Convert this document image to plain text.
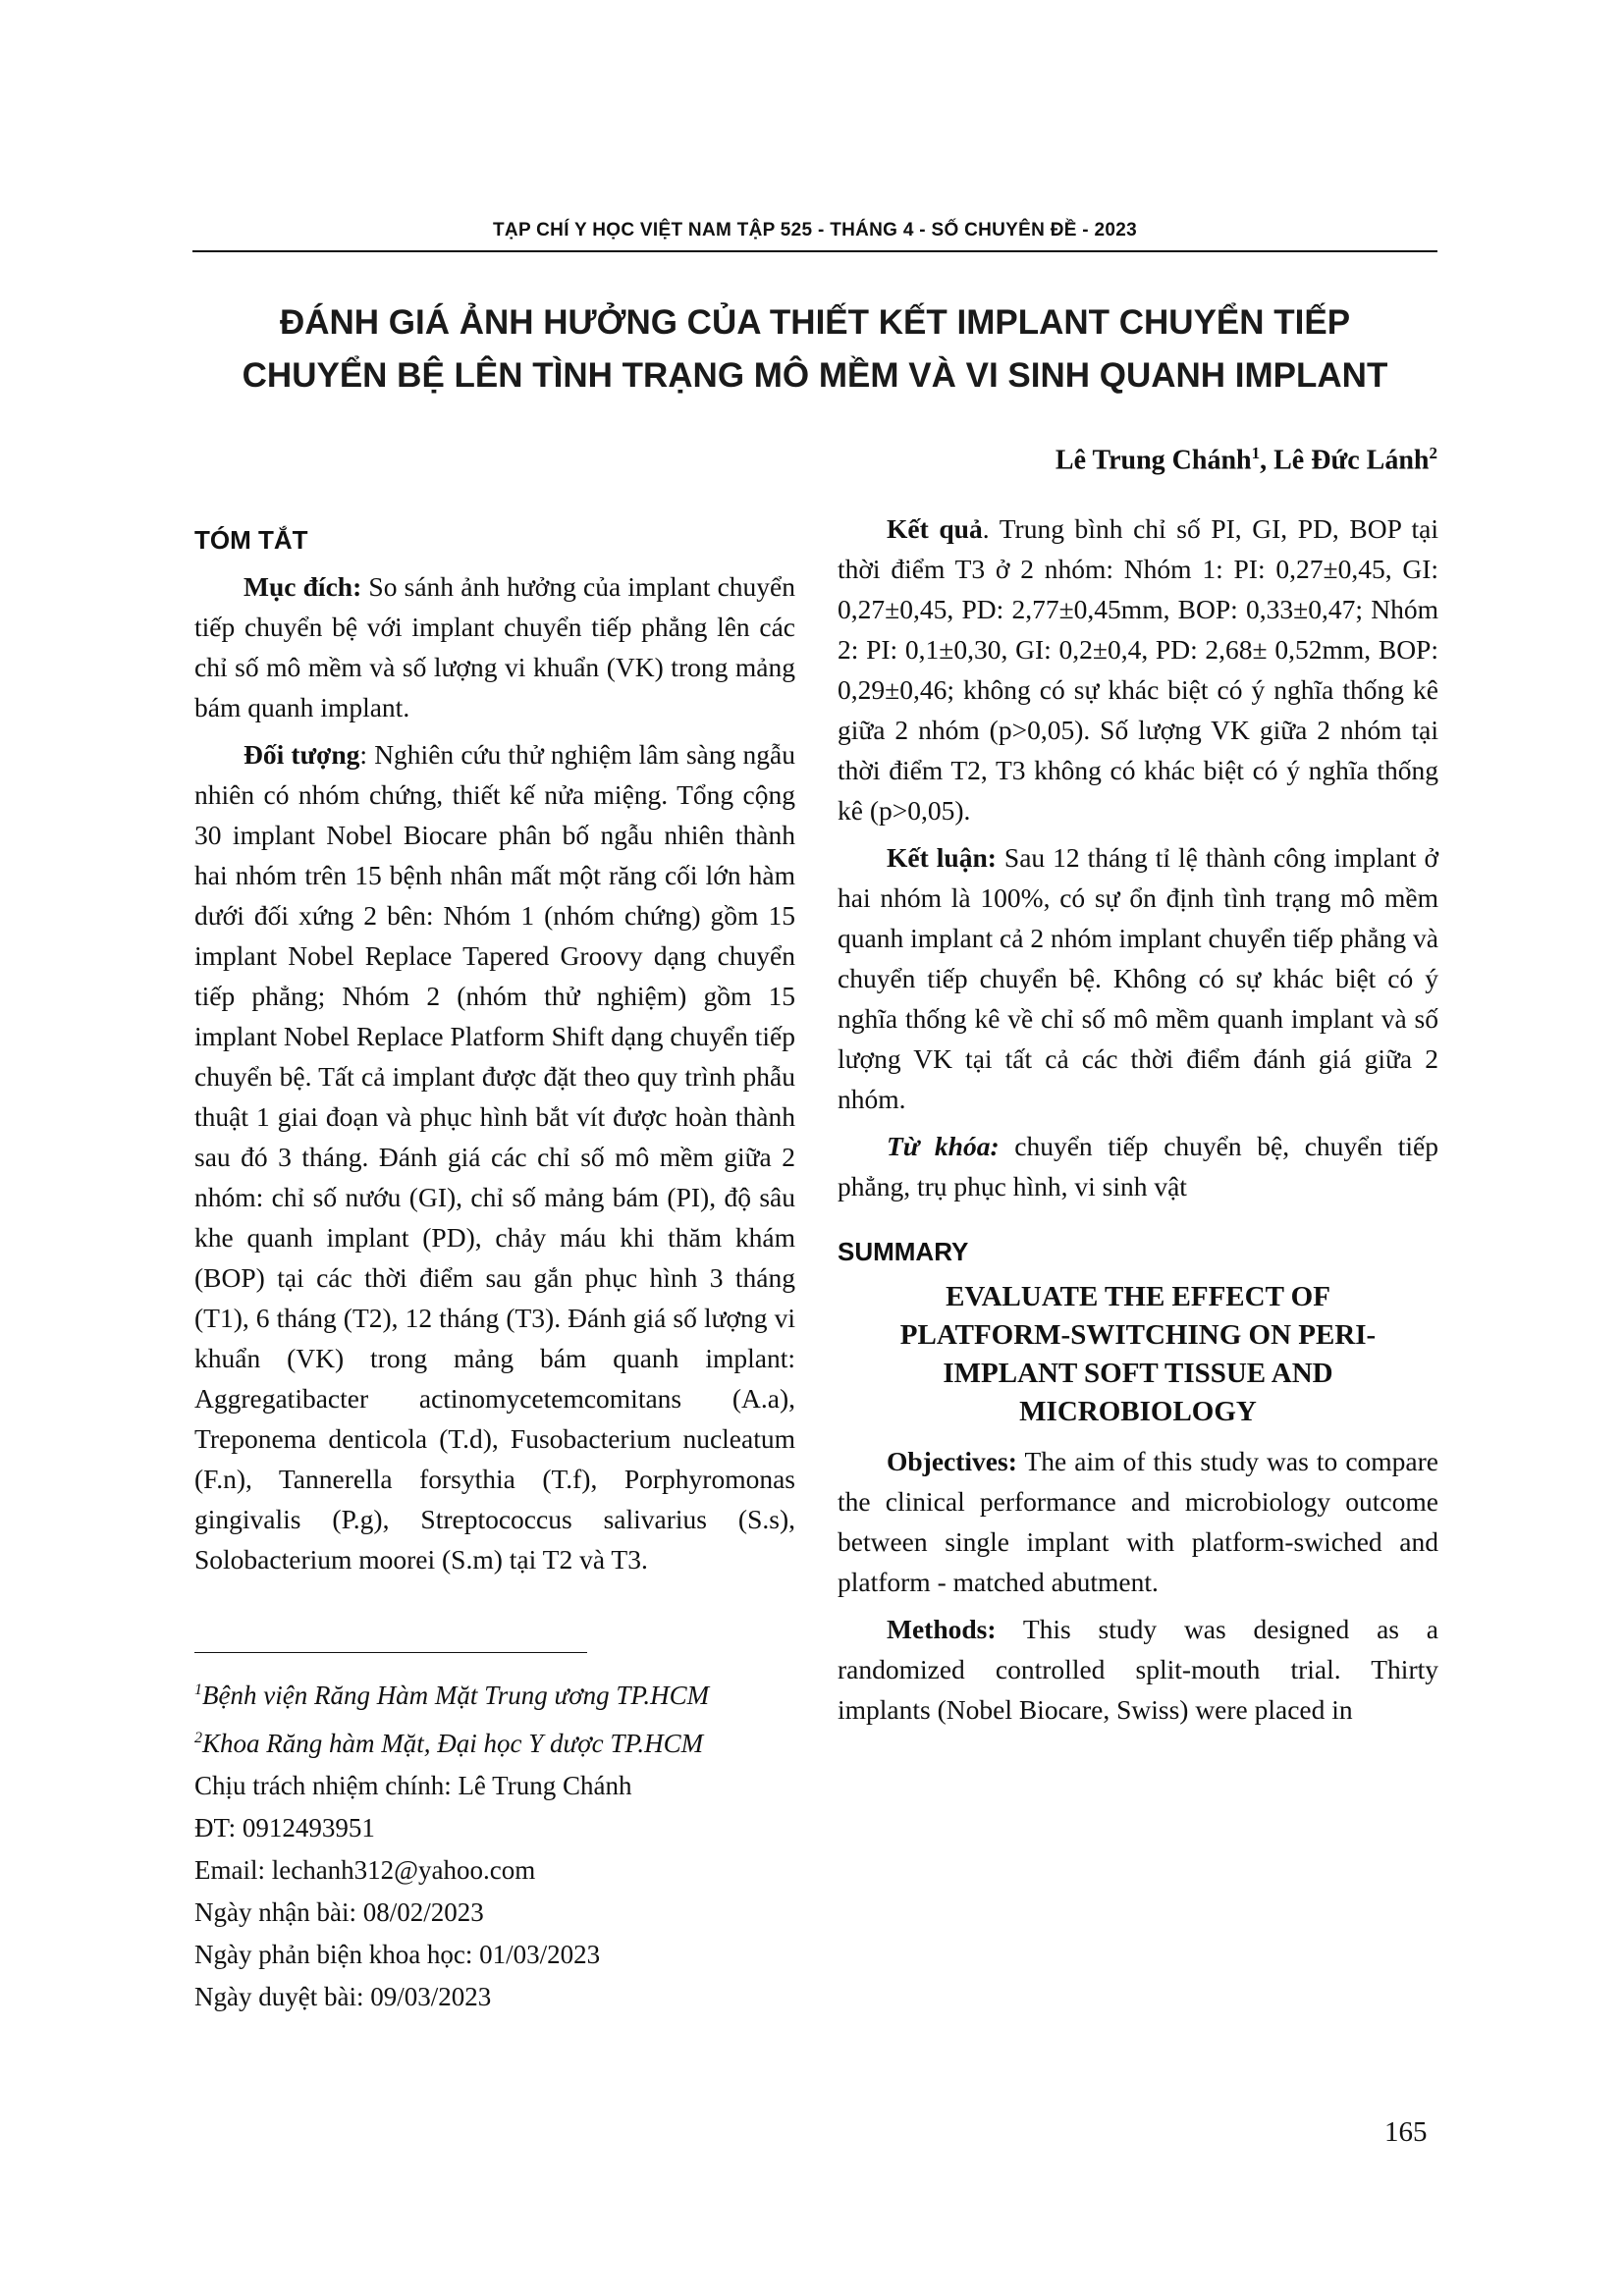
TẠP CHÍ Y HỌC VIỆT NAM TẬP 525 - THÁNG 4 - SỐ CHUYÊN ĐỀ - 2023
ĐÁNH GIÁ ẢNH HƯỞNG CỦA THIẾT KẾT IMPLANT CHUYỂN TIẾP
CHUYỂN BỆ LÊN TÌNH TRẠNG MÔ MỀM VÀ VI SINH QUANH IMPLANT
Lê Trung Chánh$^1$, Lê Đức Lánh$^2$
TÓM TẮT

Mục đích: So sánh ảnh hưởng của implant chuyển tiếp chuyển bệ với implant chuyển tiếp phẳng lên các chỉ số mô mềm và số lượng vi khuẩn (VK) trong mảng bám quanh implant.

Đối tượng: Nghiên cứu thử nghiệm lâm sàng ngẫu nhiên có nhóm chứng, thiết kế nửa miệng. Tổng cộng 30 implant Nobel Biocare phân bố ngẫu nhiên thành hai nhóm trên 15 bệnh nhân mất một răng cối lớn hàm dưới đối xứng 2 bên: Nhóm 1 (nhóm chứng) gồm 15 implant Nobel Replace Tapered Groovy dạng chuyển tiếp phẳng; Nhóm 2 (nhóm thử nghiệm) gồm 15 implant Nobel Replace Platform Shift dạng chuyển tiếp chuyển bệ. Tất cả implant được đặt theo quy trình phẫu thuật 1 giai đoạn và phục hình bắt vít được hoàn thành sau đó 3 tháng. Đánh giá các chỉ số mô mềm giữa 2 nhóm: chỉ số nướu (GI), chỉ số mảng bám (PI), độ sâu khe quanh implant (PD), chảy máu khi thăm khám (BOP) tại các thời điểm sau gắn phục hình 3 tháng (T1), 6 tháng (T2), 12 tháng (T3). Đánh giá số lượng vi khuẩn (VK) trong mảng bám quanh implant: Aggregatibacter actinomycetemcomitans (A.a), Treponema denticola (T.d), Fusobacterium nucleatum (F.n), Tannerella forsythia (T.f), Porphyromonas gingivalis (P.g), Streptococcus salivarius (S.s), Solobacterium moorei (S.m) tại T2 và T3.

Kết quả. Trung bình chỉ số PI, GI, PD, BOP tại thời điểm T3 ở 2 nhóm: Nhóm 1: PI: 0,27±0,45, GI: 0,27±0,45, PD: 2,77±0,45mm, BOP: 0,33±0,47; Nhóm 2: PI: 0,1±0,30, GI: 0,2±0,4, PD: 2,68± 0,52mm, BOP: 0,29±0,46; không có sự khác biệt có ý nghĩa thống kê giữa 2 nhóm (p>0,05). Số lượng VK giữa 2 nhóm tại thời điểm T2, T3 không có khác biệt có ý nghĩa thống kê (p>0,05).

Kết luận: Sau 12 tháng tỉ lệ thành công implant ở hai nhóm là 100%, có sự ổn định tình trạng mô mềm quanh implant cả 2 nhóm implant chuyển tiếp phẳng và chuyển tiếp chuyển bệ. Không có sự khác biệt có ý nghĩa thống kê về chỉ số mô mềm quanh implant và số lượng VK tại tất cả các thời điểm đánh giá giữa 2 nhóm.

Từ khóa: chuyển tiếp chuyển bệ, chuyển tiếp phẳng, trụ phục hình, vi sinh vật

SUMMARY
EVALUATE THE EFFECT OF
PLATFORM-SWITCHING ON PERI-
IMPLANT SOFT TISSUE AND
MICROBIOLOGY

Objectives: The aim of this study was to compare the clinical performance and microbiology outcome between single implant with platform-swiched and platform - matched abutment.

Methods: This study was designed as a randomized controlled split-mouth trial. Thirty implants (Nobel Biocare, Swiss) were placed in

$^1$Bệnh viện Răng Hàm Mặt Trung ương TP.HCM
$^2$Khoa Răng hàm Mặt, Đại học Y dược TP.HCM
Chịu trách nhiệm chính: Lê Trung Chánh
ĐT: 0912493951
Email: lechanh312@yahoo.com
Ngày nhận bài: 08/02/2023
Ngày phản biện khoa học: 01/03/2023
Ngày duyệt bài: 09/03/2023
165
